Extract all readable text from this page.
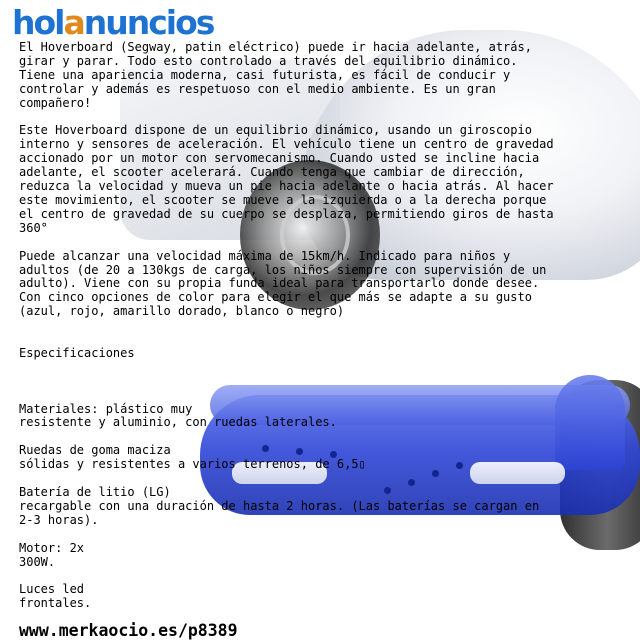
holanuncios
El Hoverboard (Segway, patin eléctrico) puede ir hacia adelante, atrás,
girar y parar. Todo esto controlado a través del equilibrio dinámico.
Tiene una apariencia moderna, casi futurista, es fácil de conducir y
controlar y además es respetuoso con el medio ambiente. Es un gran
compañero!

Este Hoverboard dispone de un equilibrio dinámico, usando un giroscopio
interno y sensores de aceleración. El vehículo tiene un centro de gravedad
accionado por un motor con servomecanismo. Cuando usted se incline hacia
adelante, el scooter acelerará. Cuando tenga que cambiar de dirección,
reduzca la velocidad y mueva un pie hacia adelante o hacia atrás. Al hacer
este movimiento, el scooter se mueve a la izquierda o a la derecha porque
el centro de gravedad de su cuerpo se desplaza, permitiendo giros de hasta
360°

Puede alcanzar una velocidad máxima de 15km/h. Indicado para niños y
adultos (de 20 a 130kgs de carga, los niños siempre con supervisión de un
adulto). Viene con su propia funda ideal para transportarlo donde desee.
Con cinco opciones de color para elegir el que más se adapte a su gusto
(azul, rojo, amarillo dorado, blanco o negro)

Especificaciones

Materiales: plástico muy
resistente y aluminio, con ruedas laterales.

Ruedas de goma maciza
sólidas y resistentes a varios terrenos, de 6,5▯

Batería de litio (LG)
recargable con una duración de hasta 2 horas. (Las baterías se cargan en
2-3 horas).

Motor: 2x
300W.

Luces led
frontales.
www.merkaocio.es/p8389
